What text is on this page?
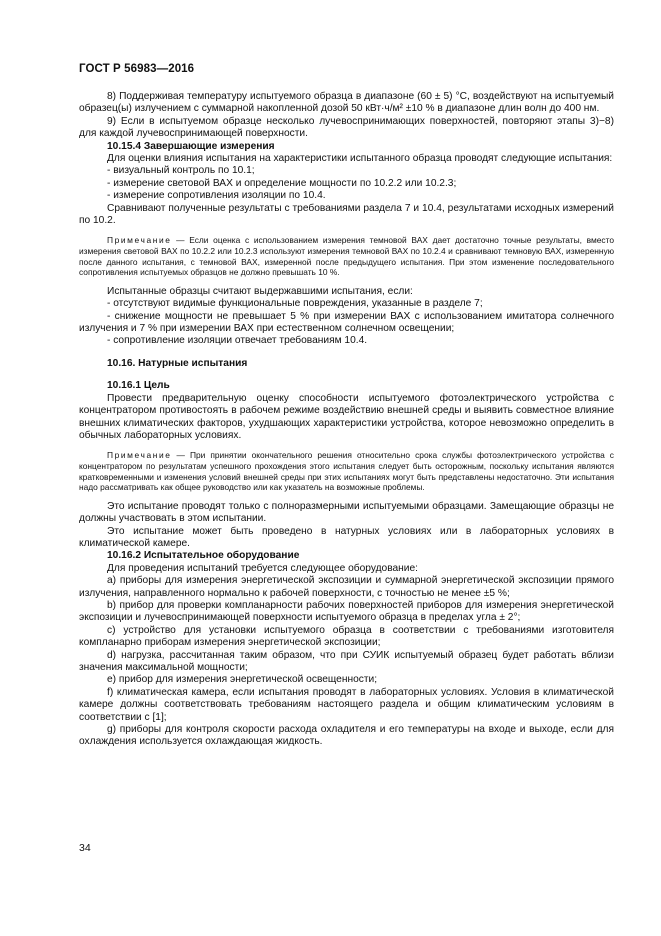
ГОСТ Р 56983—2016

8) Поддерживая температуру испытуемого образца в диапазоне (60 ± 5) °С, воздействуют на испытуемый образец(ы) излучением с суммарной накопленной дозой 50 кВт·ч/м² ±10 % в диапазоне длин волн до 400 нм.

9) Если в испытуемом образце несколько лучевоспринимающих поверхностей, повторяют этапы 3)−8) для каждой лучевоспринимающей поверхности.

10.15.4 Завершающие измерения

Для оценки влияния испытания на характеристики испытанного образца проводят следующие испытания:

- визуальный контроль по 10.1;

- измерение световой ВАХ и определение мощности по 10.2.2 или 10.2.3;

- измерение сопротивления изоляции по 10.4.

Сравнивают полученные результаты с требованиями раздела 7 и 10.4, результатами исходных измерений по 10.2.

Примечание — Если оценка с использованием измерения темновой ВАХ дает достаточно точные результаты, вместо измерения световой ВАХ по 10.2.2 или 10.2.3 используют измерения темновой ВАХ по 10.2.4 и сравнивают темновую ВАХ, измеренную после данного испытания, с темновой ВАХ, измеренной после предыдущего испытания. При этом изменение последовательного сопротивления испытуемых образцов не должно превышать 10 %.

Испытанные образцы считают выдержавшими испытания, если:

- отсутствуют видимые функциональные повреждения, указанные в разделе 7;

- снижение мощности не превышает 5 % при измерении ВАХ с использованием имитатора солнечного излучения и 7 % при измерении ВАХ при естественном солнечном освещении;

- сопротивление изоляции отвечает требованиям 10.4.

10.16. Натурные испытания
10.16.1 Цель

Провести предварительную оценку способности испытуемого фотоэлектрического устройства с концентратором противостоять в рабочем режиме воздействию внешней среды и выявить совместное влияние внешних климатических факторов, ухудшающих характеристики устройства, которое невозможно определить в обычных лабораторных условиях.

Примечание — При принятии окончательного решения относительно срока службы фотоэлектрического устройства с концентратором по результатам успешного прохождения этого испытания следует быть осторожным, поскольку испытания являются кратковременными и изменения условий внешней среды при этих испытаниях могут быть представлены недостаточно. Эти испытания надо рассматривать как общее руководство или как указатель на возможные проблемы.

Это испытание проводят только с полноразмерными испытуемыми образцами. Замещающие образцы не должны участвовать в этом испытании.

Это испытание может быть проведено в натурных условиях или в лабораторных условиях в климатической камере.

10.16.2 Испытательное оборудование

Для проведения испытаний требуется следующее оборудование:

а) приборы для измерения энергетической экспозиции и суммарной энергетической экспозиции прямого излучения, направленного нормально к рабочей поверхности, с точностью не менее ±5 %;

b) прибор для проверки компланарности рабочих поверхностей приборов для измерения энергетической экспозиции и лучевоспринимающей поверхности испытуемого образца в пределах угла ± 2°;

с) устройство для установки испытуемого образца в соответствии с требованиями изготовителя компланарно приборам измерения энергетической экспозиции;

d) нагрузка, рассчитанная таким образом, что при СУИК испытуемый образец будет работать вблизи значения максимальной мощности;

е) прибор для измерения энергетической освещенности;

f) климатическая камера, если испытания проводят в лабораторных условиях. Условия в климатической камере должны соответствовать требованиям настоящего раздела и общим климатическим условиям в соответствии с [1];

g) приборы для контроля скорости расхода охладителя и его температуры на входе и выходе, если для охлаждения используется охлаждающая жидкость.

34
